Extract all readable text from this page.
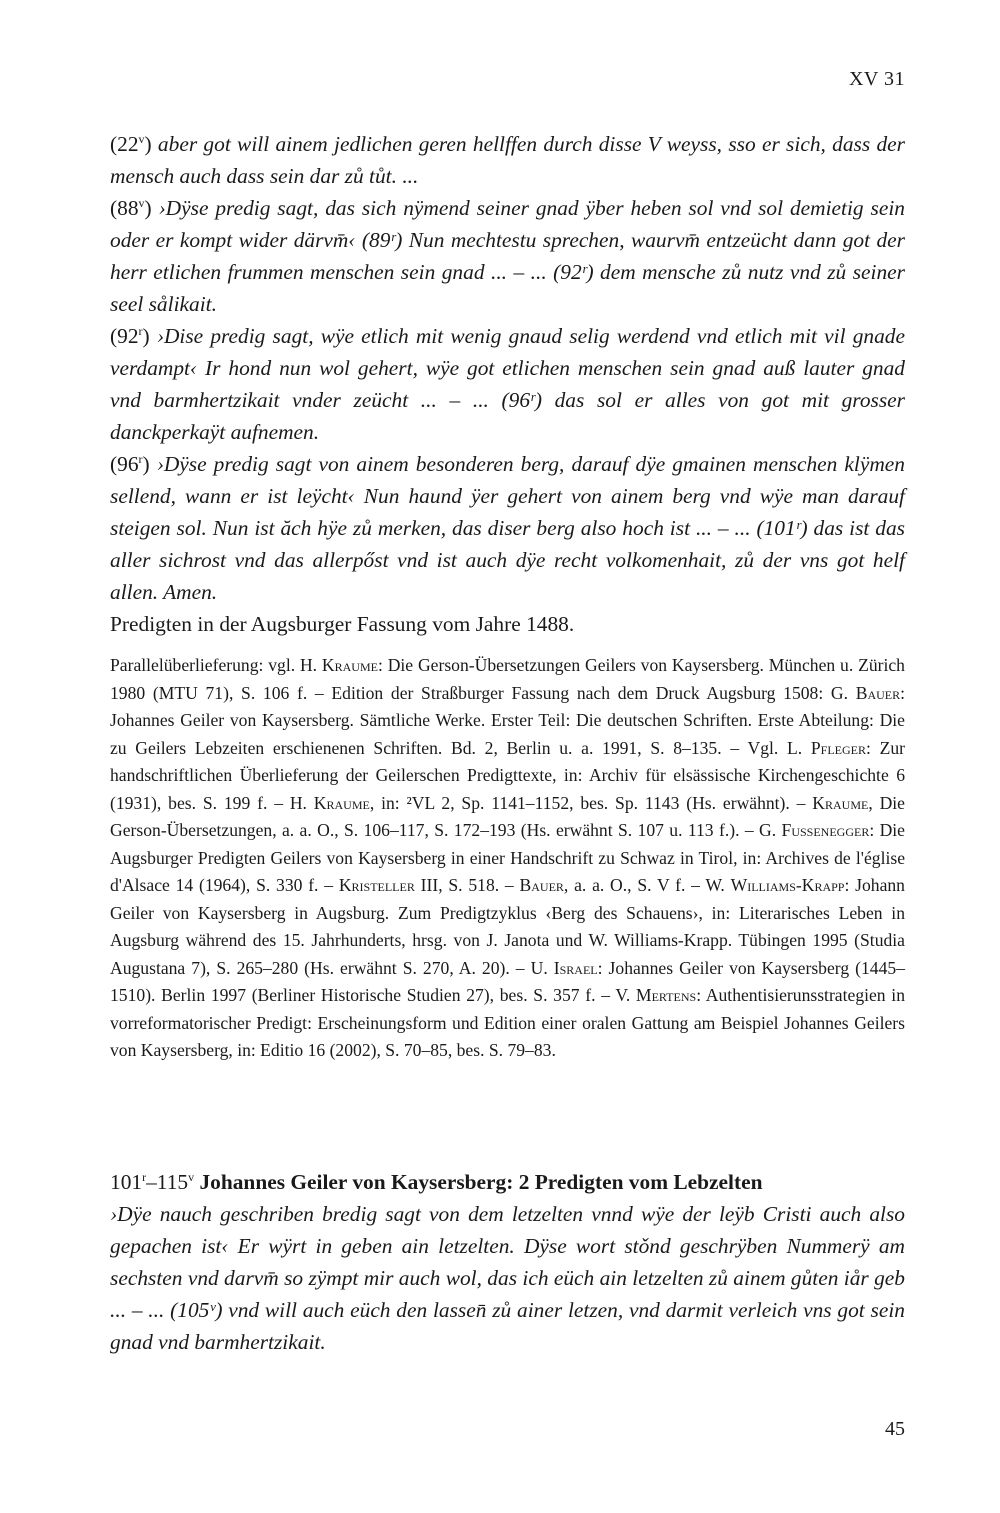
XV 31
(22$^v$) aber got will ainem jedlichen geren hellffen durch disse V weyss, sso er sich, dass der mensch auch dass sein dar zů tůt. ...
(88$^v$) ›Dÿse predig sagt, das sich nÿmend seiner gnad ÿber heben sol vnd sol demietig sein oder er kompt wider därvm̄‹ (89ʳ) Nun mechtestu sprechen, waurvm̄ entzeücht dann got der herr etlichen frummen menschen sein gnad ... – ... (92ʳ) dem mensche zů nutz vnd zů seiner seel sålikait.
(92$^r$) ›Dise predig sagt, wÿe etlich mit wenig gnaud selig werdend vnd etlich mit vil gnade verdampt‹ Ir hond nun wol gehert, wÿe got etlichen menschen sein gnad auß lauter gnad vnd barmhertzikait vnder zeücht ... – ... (96ʳ) das sol er alles von got mit grosser danckperkaÿt aufnemen.
(96$^r$) ›Dÿse predig sagt von ainem besonderen berg, darauf dÿe gmainen menschen klÿmen sellend, wann er ist leÿcht‹ Nun haund ÿer gehert von ainem berg vnd wÿe man darauf steigen sol. Nun ist ăch hÿe zů merken, das diser berg also hoch ist ... – ... (101ʳ) das ist das aller sichrost vnd das allerpőst vnd ist auch dÿe recht volkomenhait, zů der vns got helf allen. Amen.
Predigten in der Augsburger Fassung vom Jahre 1488.
Parallelüberlieferung: vgl. H. Kraume: Die Gerson-Übersetzungen Geilers von Kaysersberg. München u. Zürich 1980 (MTU 71), S. 106 f. – Edition der Straßburger Fassung nach dem Druck Augsburg 1508: G. Bauer: Johannes Geiler von Kaysersberg. Sämtliche Werke. Erster Teil: Die deutschen Schriften. Erste Abteilung: Die zu Geilers Lebzeiten erschienenen Schriften. Bd. 2, Berlin u. a. 1991, S. 8–135. – Vgl. L. Pfleger: Zur handschriftlichen Überlieferung der Geilerschen Predigttexte, in: Archiv für elsässische Kirchengeschichte 6 (1931), bes. S. 199 f. – H. Kraume, in: ²VL 2, Sp. 1141–1152, bes. Sp. 1143 (Hs. erwähnt). – Kraume, Die Gerson-Übersetzungen, a. a. O., S. 106–117, S. 172–193 (Hs. erwähnt S. 107 u. 113 f.). – G. Fussenegger: Die Augsburger Predigten Geilers von Kaysersberg in einer Handschrift zu Schwaz in Tirol, in: Archives de l'église d'Alsace 14 (1964), S. 330 f. – Kristeller III, S. 518. – Bauer, a. a. O., S. V f. – W. Williams-Krapp: Johann Geiler von Kaysersberg in Augsburg. Zum Predigtzyklus ‹Berg des Schauens›, in: Literarisches Leben in Augsburg während des 15. Jahrhunderts, hrsg. von J. Janota und W. Williams-Krapp. Tübingen 1995 (Studia Augustana 7), S. 265–280 (Hs. erwähnt S. 270, A. 20). – U. Israel: Johannes Geiler von Kaysersberg (1445–1510). Berlin 1997 (Berliner Historische Studien 27), bes. S. 357 f. – V. Mertens: Authentisierunsstrategien in vorreformatorischer Predigt: Erscheinungsform und Edition einer oralen Gattung am Beispiel Johannes Geilers von Kaysersberg, in: Editio 16 (2002), S. 70–85, bes. S. 79–83.
101$^r$–115$^v$ Johannes Geiler von Kaysersberg: 2 Predigten vom Lebzelten
›Dÿe nauch geschriben bredig sagt von dem letzelten vnnd wÿe der leÿb Cristi auch also gepachen ist‹ Er wÿrt in geben ain letzelten. Dÿse wort stǒnd geschrÿben Nummerÿ am sechsten vnd darvm̄ so zÿmpt mir auch wol, das ich eüch ain letzelten zů ainem gůten iår geb ... – ... (105ᵛ) vnd will auch eüch den lassen̄ zů ainer letzen, vnd darmit verleich vns got sein gnad vnd barmhertzikait.
45
